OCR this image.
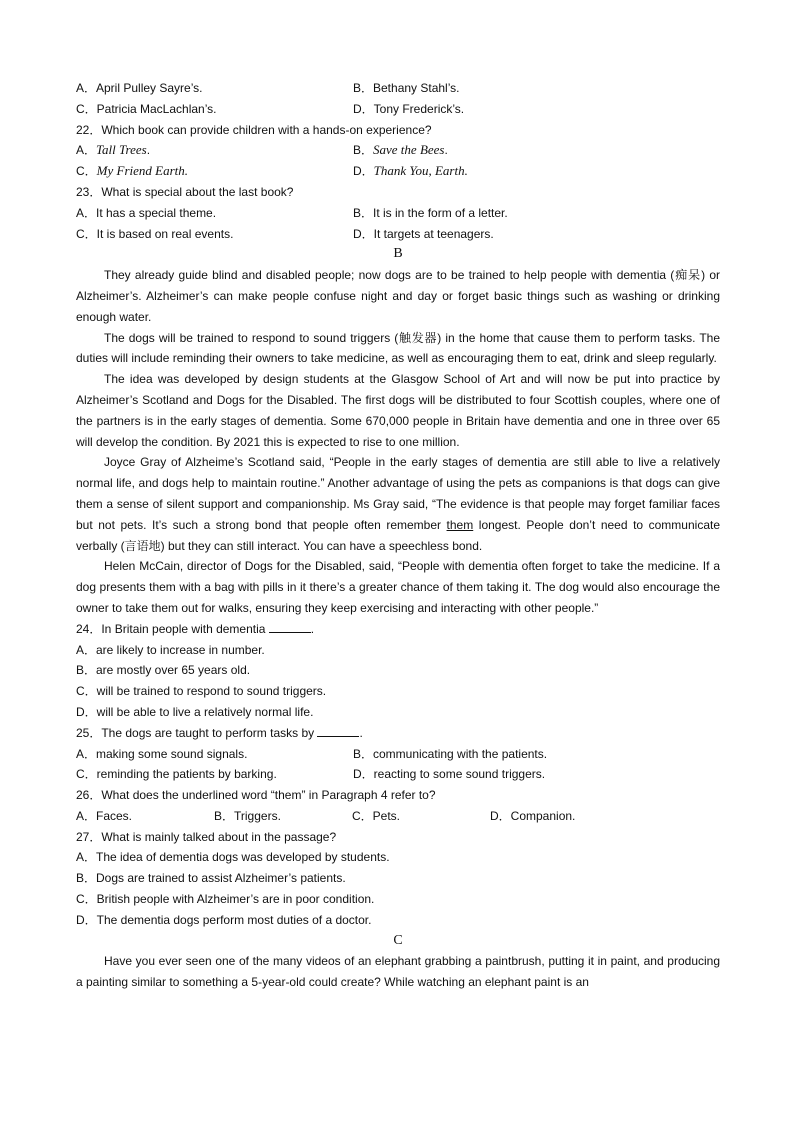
A．April Pulley Sayre’s.	B．Bethany Stahl’s.
C．Patricia MacLachlan’s.	D．Tony Frederick’s.
22．Which book can provide children with a hands-on experience?
A．Tall Trees.	B．Save the Bees.
C．My Friend Earth.	D．Thank You, Earth.
23．What is special about the last book?
A．It has a special theme.	B．It is in the form of a letter.
C．It is based on real events.	D．It targets at teenagers.
B

They already guide blind and disabled people; now dogs are to be trained to help people with dementia (痴呆) or Alzheimer’s. Alzheimer’s can make people confuse night and day or forget basic things such as washing or drinking enough water.

The dogs will be trained to respond to sound triggers (触发器) in the home that cause them to perform tasks. The duties will include reminding their owners to take medicine, as well as encouraging them to eat, drink and sleep regularly.

The idea was developed by design students at the Glasgow School of Art and will now be put into practice by Alzheimer’s Scotland and Dogs for the Disabled. The first dogs will be distributed to four Scottish couples, where one of the partners is in the early stages of dementia. Some 670,000 people in Britain have dementia and one in three over 65 will develop the condition. By 2021 this is expected to rise to one million.

Joyce Gray of Alzheime’s Scotland said, “People in the early stages of dementia are still able to live a relatively normal life, and dogs help to maintain routine.” Another advantage of using the pets as companions is that dogs can give them a sense of silent support and companionship. Ms Gray said, “The evidence is that people may forget familiar faces but not pets. It’s such a strong bond that people often remember them longest. People don’t need to communicate verbally (言语地) but they can still interact. You can have a speechless bond.

Helen McCain, director of Dogs for the Disabled, said, “People with dementia often forget to take the medicine. If a dog presents them with a bag with pills in it there’s a greater chance of them taking it. The dog would also encourage the owner to take them out for walks, ensuring they keep exercising and interacting with other people.”

24．In Britain people with dementia	.
A．are likely to increase in number.
B．are mostly over 65 years old.
C．will be trained to respond to sound triggers.
D．will be able to live a relatively normal life.
25．The dogs are taught to perform tasks by	.
A．making some sound signals.	B．communicating with the patients.
C．reminding the patients by barking.	D．reacting to some sound triggers.
26．What does the underlined word “them” in Paragraph 4 refer to?
A．Faces.	B．Triggers.	C．Pets.	D．Companion.
27．What is mainly talked about in the passage?
A．The idea of dementia dogs was developed by students.
B．Dogs are trained to assist Alzheimer’s patients.
C．British people with Alzheimer’s are in poor condition.
D．The dementia dogs perform most duties of a doctor.
C

Have you ever seen one of the many videos of an elephant grabbing a paintbrush, putting it in paint, and producing a painting similar to something a 5-year-old could create? While watching an elephant paint is an
